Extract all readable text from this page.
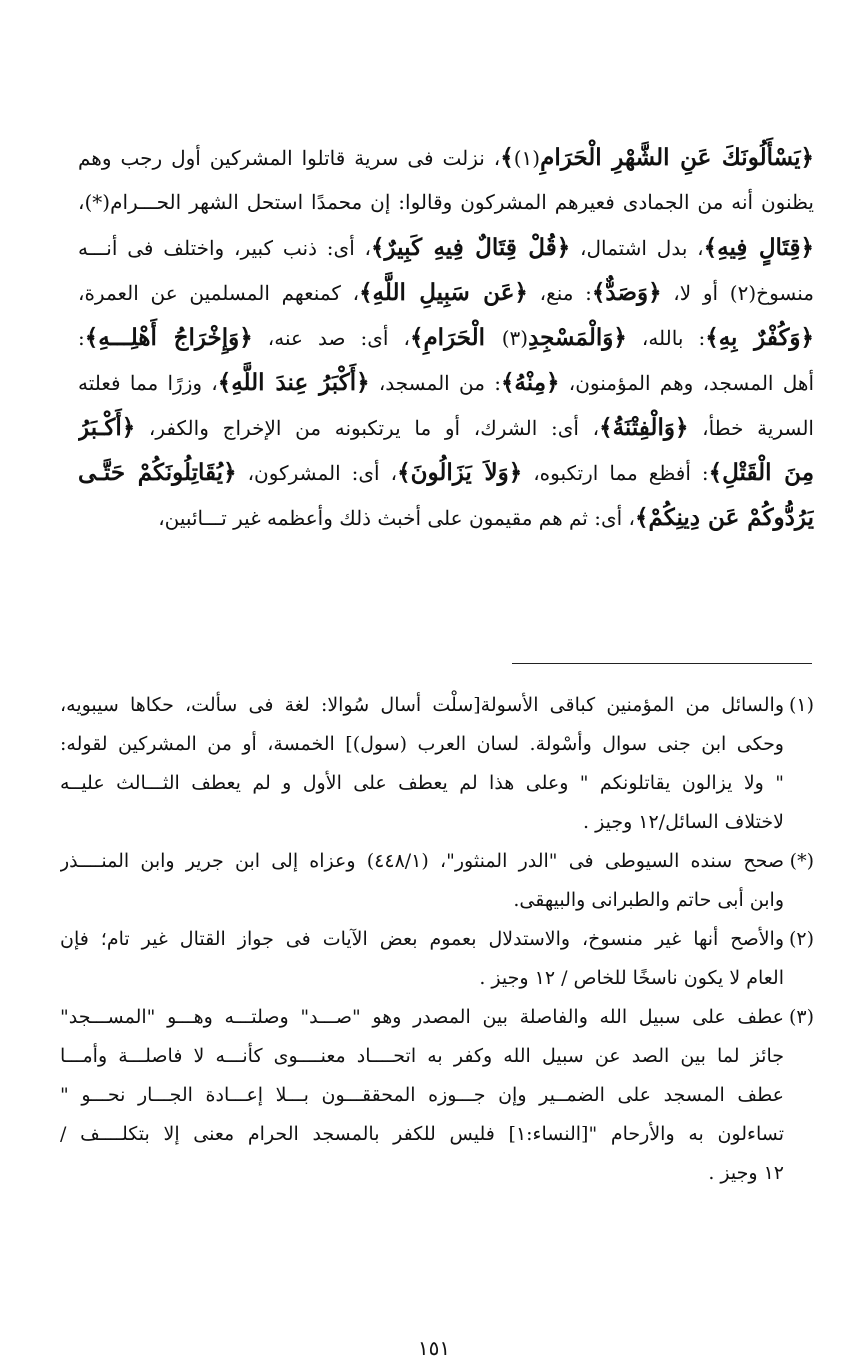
﴿يَسْأَلُونَكَ عَنِ الشَّهْرِ الْحَرَامِ(١)﴾، نزلت فى سرية قاتلوا المشركين أول رجب وهم
يظنون أنه من الجمادى فعيرهم المشركون وقالوا: إن محمدًا استحل الشهر الحـــرام(*)،
﴿قِتَالٍ فِيهِ﴾، بدل اشتمال، ﴿قُلْ قِتَالٌ فِيهِ كَبِيرٌ﴾، أى: ذنب كبير، واختلف فى أنـــه
منسوخ(٢) أو لا، ﴿وَصَدٌّ﴾: منع، ﴿عَن سَبِيلِ اللَّهِ﴾، كمنعهم المسلمين عن العمرة،
﴿وَكُفْرٌ بِهِ﴾: بالله، ﴿وَالْمَسْجِدِ(٣) الْحَرَامِ﴾، أى: صد عنه، ﴿وَإِخْرَاجُ أَهْلِـــهِ﴾:
أهل المسجد، وهم المؤمنون، ﴿مِنْهُ﴾: من المسجد، ﴿أَكْبَرُ عِندَ اللَّهِ﴾، وزرًا مما فعلته
السرية خطأ، ﴿وَالْفِتْنَةُ﴾، أى: الشرك، أو ما يرتكبونه من الإخراج والكفر، ﴿أَكْـبَرُ
مِنَ الْقَتْلِ﴾: أفظع مما ارتكبوه، ﴿وَلاَ يَزَالُونَ﴾، أى: المشركون، ﴿يُقَاتِلُونَكُمْ حَتَّـى
يَرُدُّوكُمْ عَن دِينِكُمْ﴾، أى: ثم هم مقيمون على أخبث ذلك وأعظمه غير تـــائبين،
(١)
والسائل من المؤمنين كباقى الأسولة[سلْت أسال سُوالا: لغة فى سألت، حكاها سيبويه،
وحكى ابن جنى سوال وأسْولة. لسان العرب (سول)] الخمسة، أو من المشركين لقوله:
" ولا يزالون يقاتلونكم " وعلى هذا لم يعطف على الأول و لم يعطف الثـــالث عليــه
لاختلاف السائل/١٢ وجيز .
(*)
صحح سنده السيوطى فى "الدر المنثور"، (٤٤٨/١) وعزاه إلى ابن جرير وابن المنــــذر
وابن أبى حاتم والطبرانى والبيهقى.
(٢)
والأصح أنها غير منسوخ، والاستدلال بعموم بعض الآيات فى جواز القتال غير تام؛ فإن
العام لا يكون ناسخًا للخاص / ١٢ وجيز .
(٣)
عطف على سبيل الله والفاصلة بين المصدر وهو "صـــد" وصلتـــه وهـــو "المســـجد"
جائز لما بين الصد عن سبيل الله وكفر به اتحــــاد معنــــوى كأنـــه لا فاصلـــة وأمـــا
عطف المسجد على الضمــير وإن جـــوزه المحققـــون بـــلا إعـــادة الجـــار نحـــو "
تساءلون به والأرحام "[النساء:١] فليس للكفر بالمسجد الحرام معنى إلا بتكلــــف /
١٢ وجيز .
١٥١
